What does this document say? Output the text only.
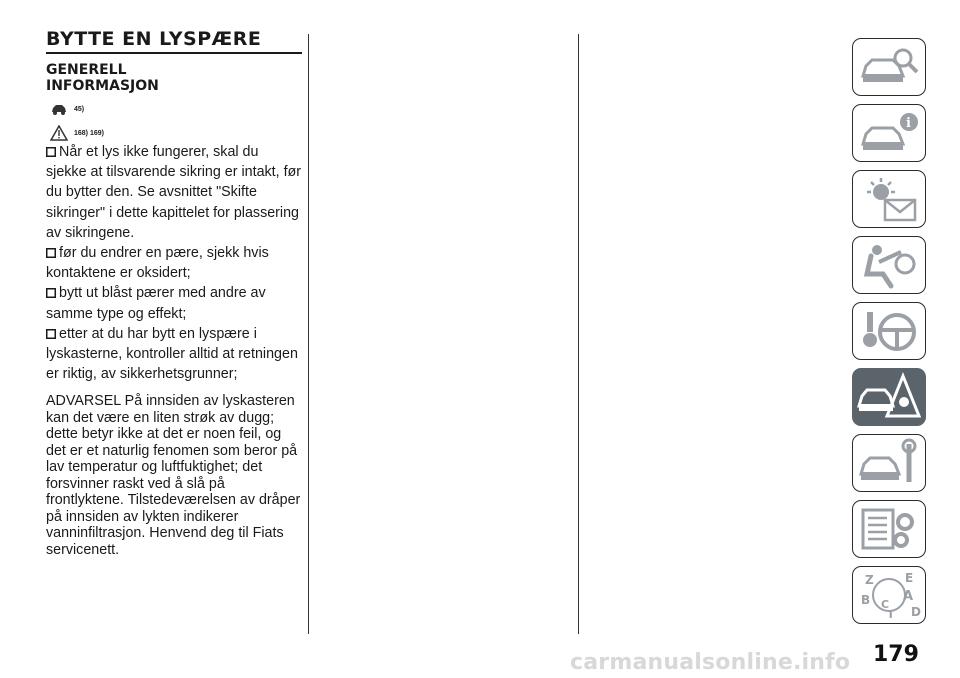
BYTTE EN LYSPÆRE
GENERELL
INFORMASJON
45)
168) 169)

Når et lys ikke fungerer, skal du sjekke at tilsvarende sikring er intakt, før du bytter den. Se avsnittet "Skifte sikringer" i dette kapittelet for plassering av sikringene.

før du endrer en pære, sjekk hvis kontaktene er oksidert;

bytt ut blåst pærer med andre av samme type og effekt;

etter at du har bytt en lyspære i lyskasterne, kontroller alltid at retningen er riktig, av sikkerhetsgrunner;

ADVARSEL På innsiden av lyskasteren kan det være en liten strøk av dugg; dette betyr ikke at det er noen feil, og det er et naturlig fenomen som beror på lav temperatur og luftfuktighet; det forsvinner raskt ved å slå på frontlyktene. Tilstedeværelsen av dråper på innsiden av lykten indikerer vanninfiltrasjon. Henvend deg til Fiats servicenett.

i
Z	E
B	A
C
D
T
179
carmanualsonline.info
